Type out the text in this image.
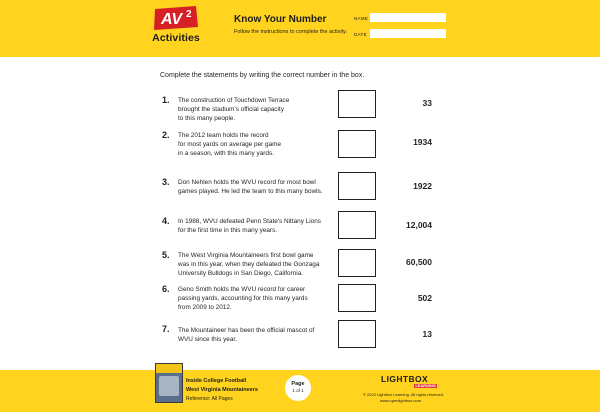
AV 2
Activities
Know Your Number
Follow the instructions to complete the activity.
NAME
DATE
Complete the statements by writing the correct number in the box.
1. The construction of Touchdown Terrace
brought the stadium's official capacity
to this many people.
33
2. The 2012 team holds the record
for most yards on average per game
in a season, with this many yards.
1934
3. Don Nehlen holds the WVU record for most bowl
games played. He led the team to this many bowls.
1922
4. In 1988, WVU defeated Penn State's Nittany Lions
for the first time in this many years.
12,004
5. The West Virginia Mountaineers first bowl game
was in this year, when they defeated the Gonzaga
University Bulldogs in San Diego, California.
60,500
6. Geno Smith holds the WVU record for career
passing yards, accounting for this many yards
from 2009 to 2012.
502
7. The Mountaineer has been the official mascot of
WVU since this year.
13
Inside College Football
West Virginia Mountaineers
Reference: All Pages
Page
1 of 1
LIGHTBOX
LEARNING
© 2022 Lightbox Learning. All rights reserved.
www.openlightbox.com
